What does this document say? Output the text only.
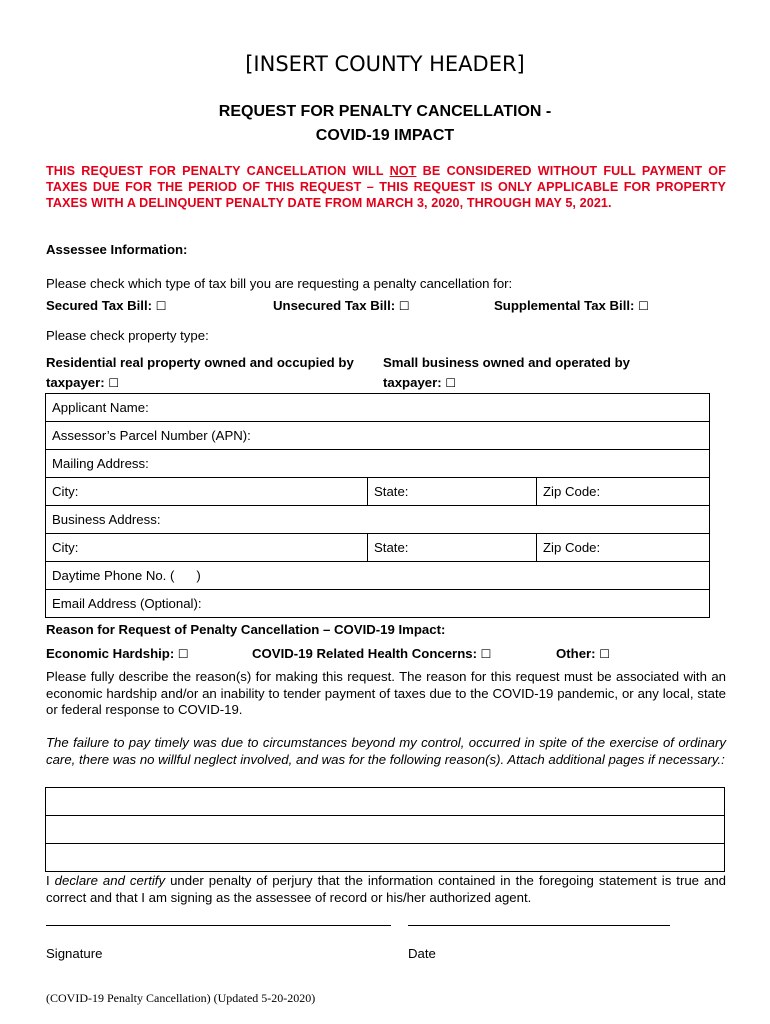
[INSERT COUNTY HEADER]
REQUEST FOR PENALTY CANCELLATION -
COVID-19 IMPACT
THIS REQUEST FOR PENALTY CANCELLATION WILL NOT BE CONSIDERED WITHOUT FULL PAYMENT OF TAXES DUE FOR THE PERIOD OF THIS REQUEST – THIS REQUEST IS ONLY APPLICABLE FOR PROPERTY TAXES WITH A DELINQUENT PENALTY DATE FROM MARCH 3, 2020, THROUGH MAY 5, 2021.
Assessee Information:
Please check which type of tax bill you are requesting a penalty cancellation for:
Secured Tax Bill: ☐	Unsecured Tax Bill: ☐	Supplemental Tax Bill: ☐
Please check property type:
Residential real property owned and occupied by
taxpayer: ☐
Small business owned and operated by
taxpayer: ☐
Applicant Name:
Assessor’s Parcel Number (APN):
Mailing Address:
City:	State:	Zip Code:
Business Address:
City:	State:	Zip Code:
Daytime Phone No. (      )
Email Address (Optional):
Reason for Request of Penalty Cancellation – COVID-19 Impact:
Economic Hardship: ☐	COVID-19 Related Health Concerns: ☐	Other: ☐
Please fully describe the reason(s) for making this request. The reason for this request must be associated with an economic hardship and/or an inability to tender payment of taxes due to the COVID-19 pandemic, or any local, state or federal response to COVID-19.
The failure to pay timely was due to circumstances beyond my control, occurred in spite of the exercise of ordinary care, there was no willful neglect involved, and was for the following reason(s). Attach additional pages if necessary.:
I declare and certify under penalty of perjury that the information contained in the foregoing statement is true and correct and that I am signing as the assessee of record or his/her authorized agent.
Signature	Date
(COVID-19 Penalty Cancellation) (Updated 5-20-2020)
